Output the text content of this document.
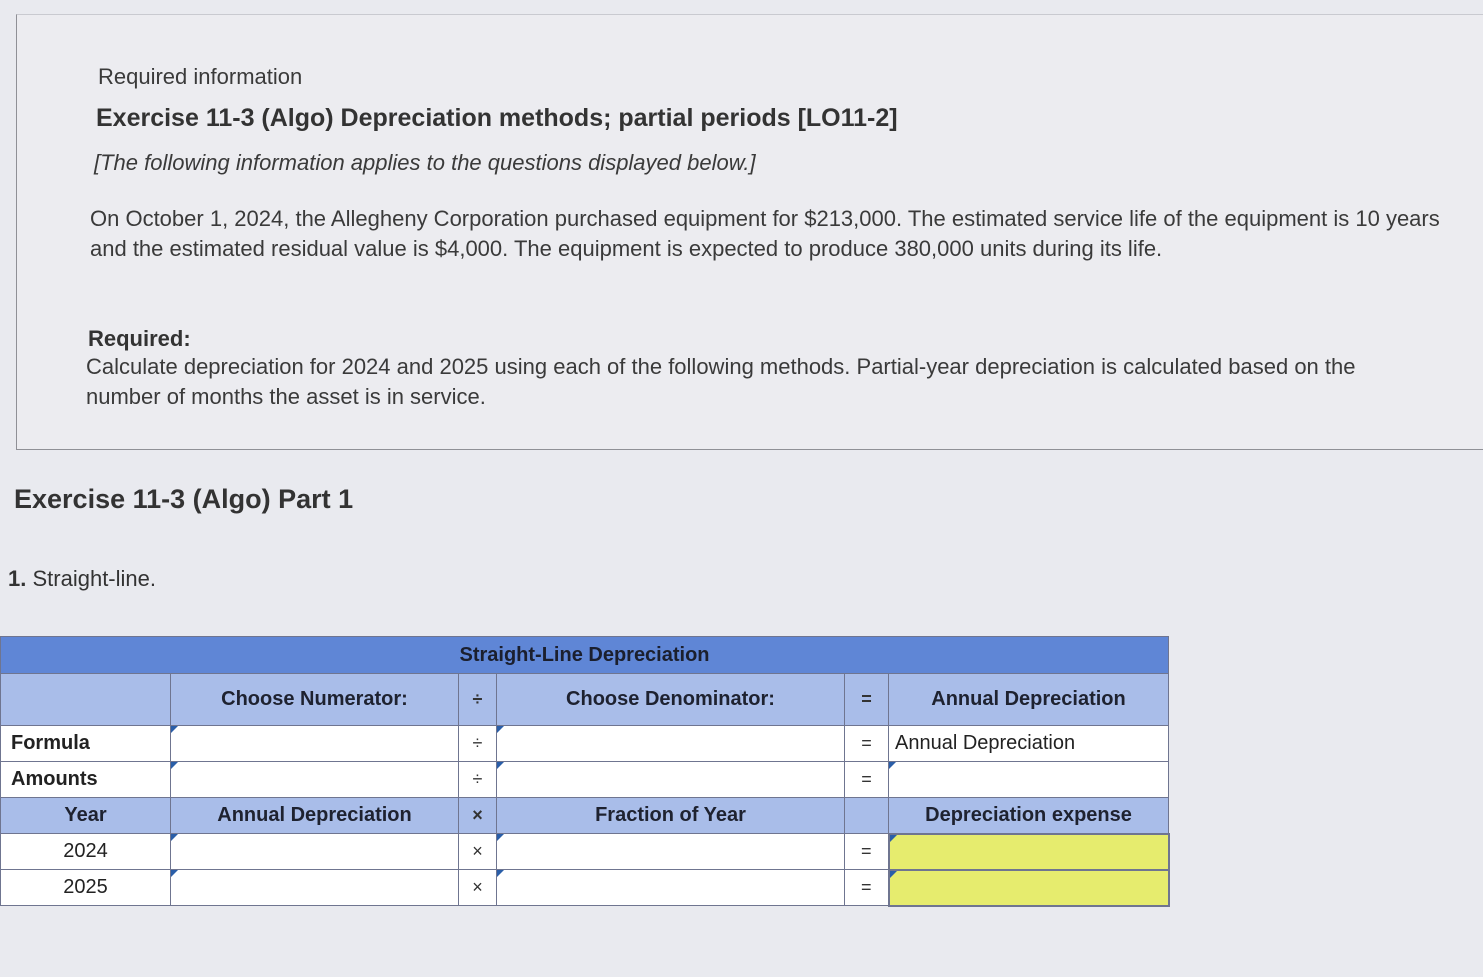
Required information
Exercise 11-3 (Algo) Depreciation methods; partial periods [LO11-2]
[The following information applies to the questions displayed below.]
On October 1, 2024, the Allegheny Corporation purchased equipment for $213,000. The estimated service life of the equipment is 10 years and the estimated residual value is $4,000. The equipment is expected to produce 380,000 units during its life.
Required:
Calculate depreciation for 2024 and 2025 using each of the following methods. Partial-year depreciation is calculated based on the number of months the asset is in service.
Exercise 11-3 (Algo) Part 1
1. Straight-line.
Straight-Line Depreciation					
	Choose Numerator:	÷	Choose Denominator:	=	Annual Depreciation
Formula		÷		=	Annual Depreciation
Amounts		÷		=	

Year	Annual Depreciation	×	Fraction of Year		Depreciation expense
2024		×		=	

2025		×		=	
